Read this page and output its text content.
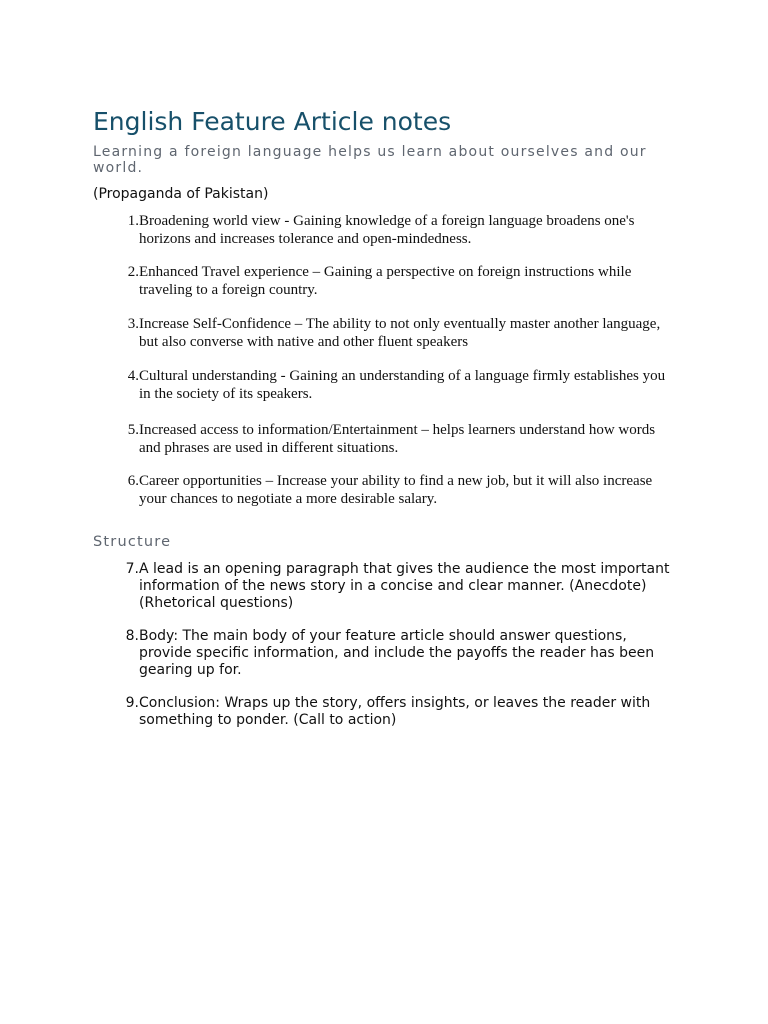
English Feature Article notes

Learning a foreign language helps us learn about ourselves and our world.

(Propaganda of Pakistan)

1. Broadening world view - Gaining knowledge of a foreign language broadens one's horizons and increases tolerance and open-mindedness.
2. Enhanced Travel experience – Gaining a perspective on foreign instructions while traveling to a foreign country.
3. Increase Self-Confidence – The ability to not only eventually master another language, but also converse with native and other fluent speakers
4. Cultural understanding - Gaining an understanding of a language firmly establishes you in the society of its speakers.
5. Increased access to information/Entertainment – helps learners understand how words and phrases are used in different situations.
6. Career opportunities – Increase your ability to find a new job, but it will also increase your chances to negotiate a more desirable salary.
Structure
7. A lead is an opening paragraph that gives the audience the most important information of the news story in a concise and clear manner. (Anecdote) (Rhetorical questions)
8. Body: The main body of your feature article should answer questions, provide specific information, and include the payoffs the reader has been gearing up for.
9. Conclusion: Wraps up the story, offers insights, or leaves the reader with something to ponder. (Call to action)
